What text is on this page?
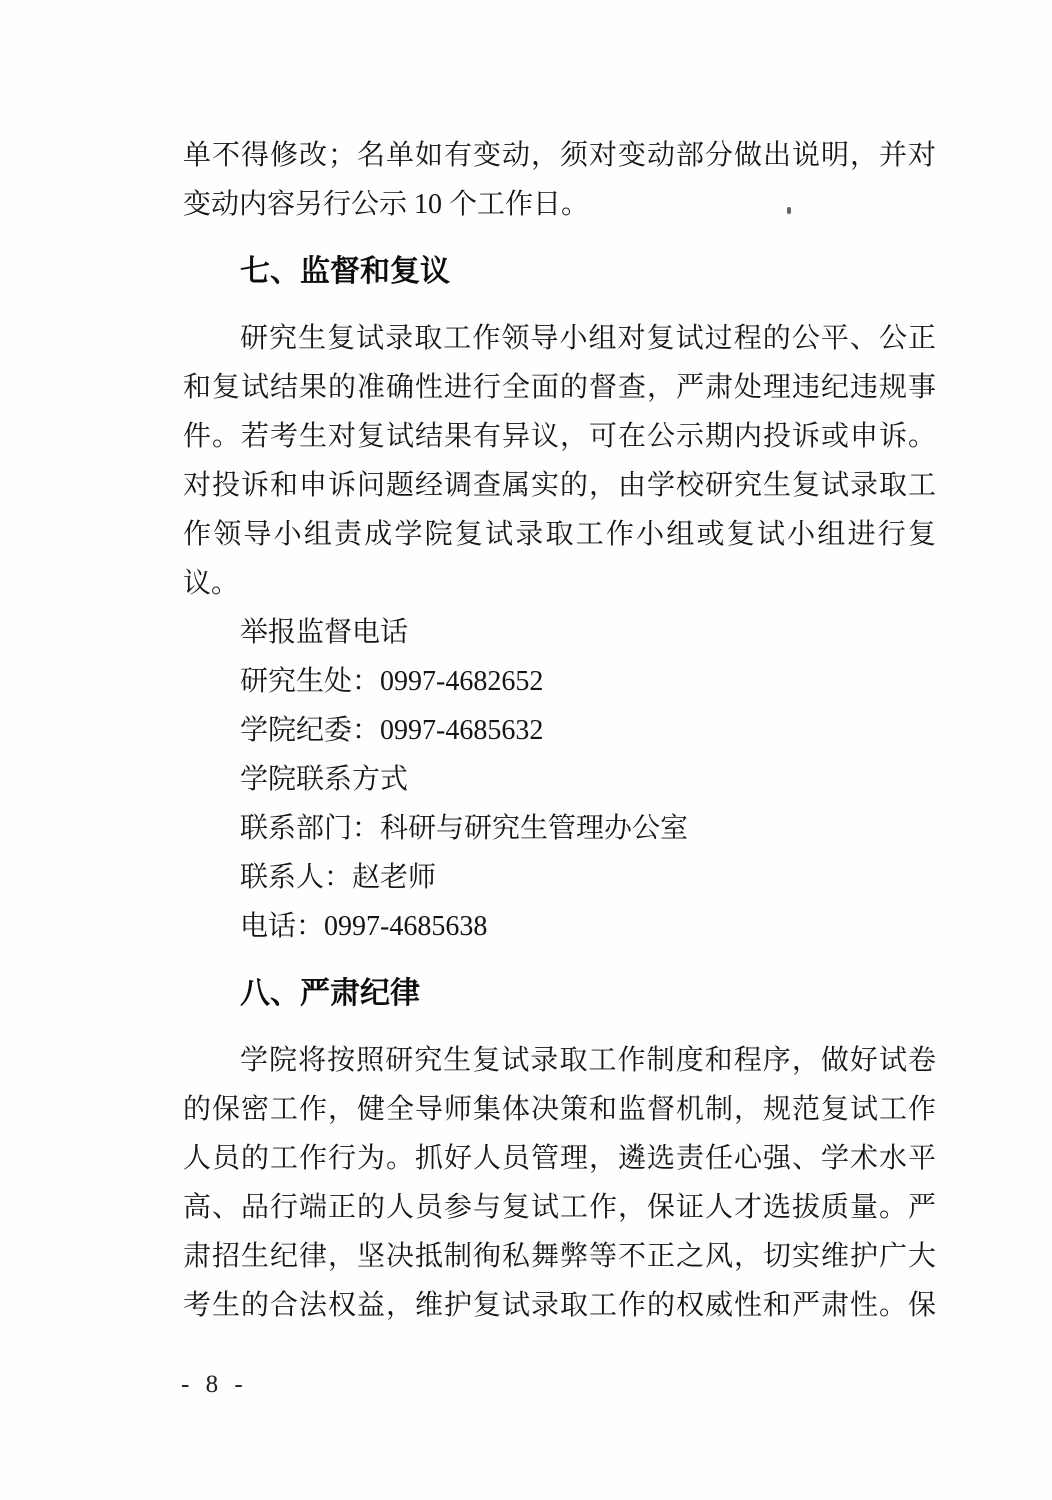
单不得修改；名单如有变动，须对变动部分做出说明，并对
变动内容另行公示 10 个工作日。
七、监督和复议
研究生复试录取工作领导小组对复试过程的公平、公正
和复试结果的准确性进行全面的督查，严肃处理违纪违规事
件。若考生对复试结果有异议，可在公示期内投诉或申诉。
对投诉和申诉问题经调查属实的，由学校研究生复试录取工
作领导小组责成学院复试录取工作小组或复试小组进行复
议。
举报监督电话
研究生处：0997-4682652
学院纪委：0997-4685632
学院联系方式
联系部门：科研与研究生管理办公室
联系人：赵老师
电话：0997-4685638
八、严肃纪律
学院将按照研究生复试录取工作制度和程序，做好试卷
的保密工作，健全导师集体决策和监督机制，规范复试工作
人员的工作行为。抓好人员管理，遴选责任心强、学术水平
高、品行端正的人员参与复试工作，保证人才选拔质量。严
肃招生纪律，坚决抵制徇私舞弊等不正之风，切实维护广大
考生的合法权益，维护复试录取工作的权威性和严肃性。保
- 8 -
